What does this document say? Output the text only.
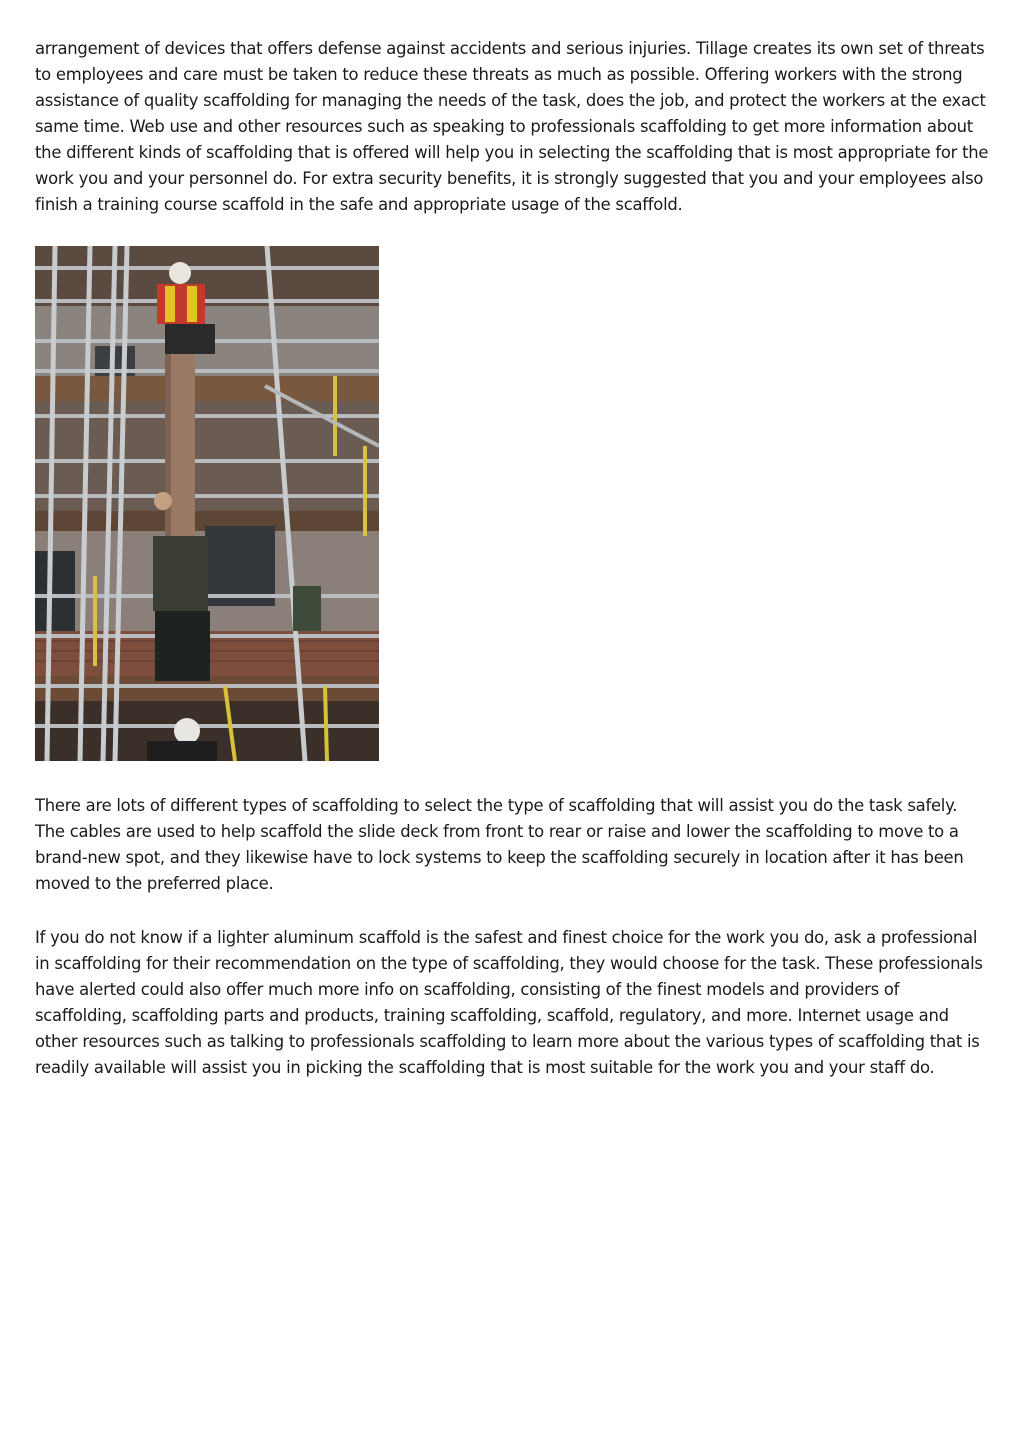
arrangement of devices that offers defense against accidents and serious injuries. Tillage creates its own set of threats to employees and care must be taken to reduce these threats as much as possible. Offering workers with the strong assistance of quality scaffolding for managing the needs of the task, does the job, and protect the workers at the exact same time. Web use and other resources such as speaking to professionals scaffolding to get more information about the different kinds of scaffolding that is offered will help you in selecting the scaffolding that is most appropriate for the work you and your personnel do. For extra security benefits, it is strongly suggested that you and your employees also finish a training course scaffold in the safe and appropriate usage of the scaffold.

There are lots of different types of scaffolding to select the type of scaffolding that will assist you do the task safely. The cables are used to help scaffold the slide deck from front to rear or raise and lower the scaffolding to move to a brand-new spot, and they likewise have to lock systems to keep the scaffolding securely in location after it has been moved to the preferred place.

If you do not know if a lighter aluminum scaffold is the safest and finest choice for the work you do, ask a professional in scaffolding for their recommendation on the type of scaffolding, they would choose for the task. These professionals have alerted could also offer much more info on scaffolding, consisting of the finest models and providers of scaffolding, scaffolding parts and products, training scaffolding, scaffold, regulatory, and more. Internet usage and other resources such as talking to professionals scaffolding to learn more about the various types of scaffolding that is readily available will assist you in picking the scaffolding that is most suitable for the work you and your staff do.
